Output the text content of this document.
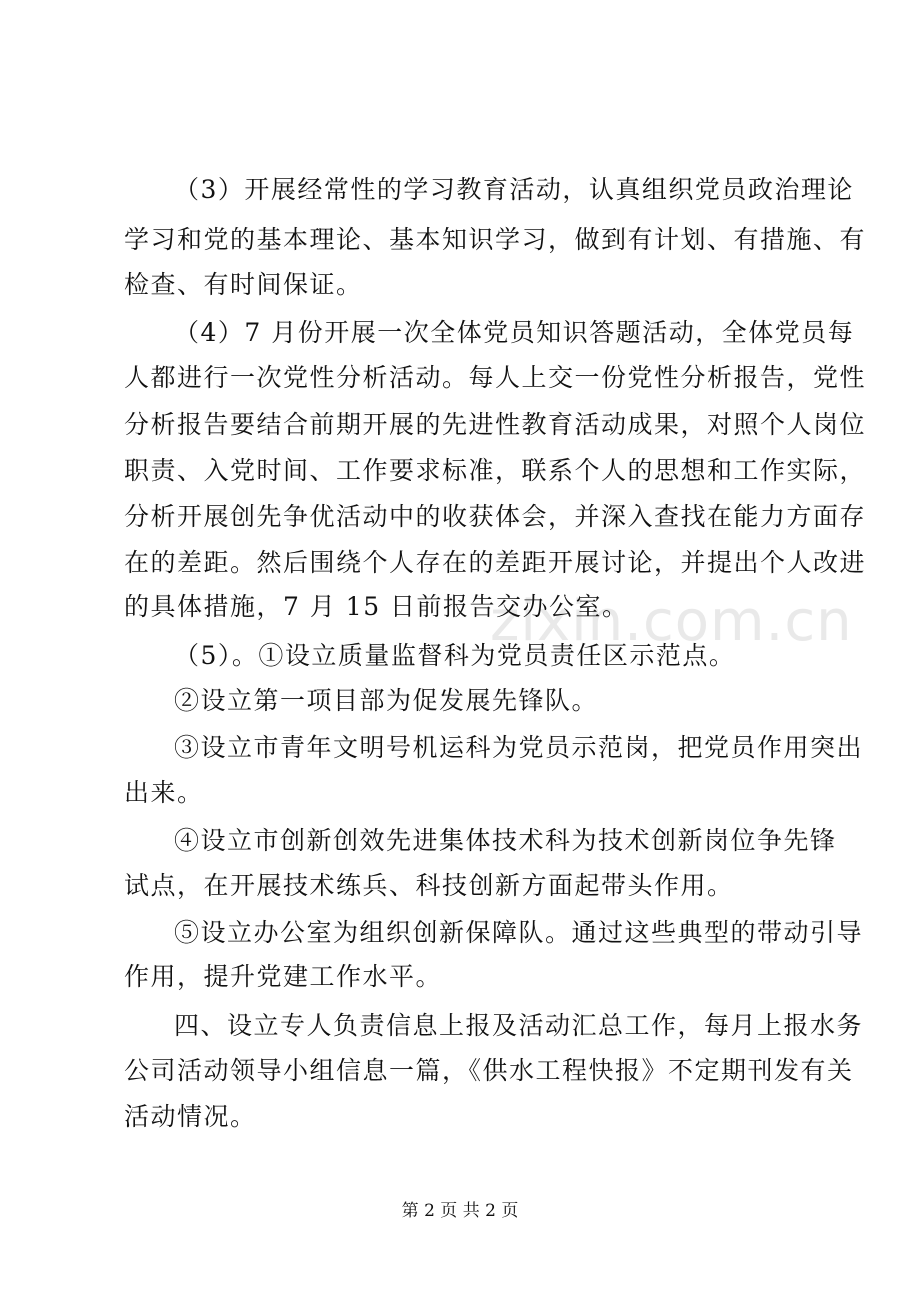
zixin.com.cn
（3）开展经常性的学习教育活动，认真组织党员政治理论
学习和党的基本理论、基本知识学习，做到有计划、有措施、有
检查、有时间保证。
（4）7 月份开展一次全体党员知识答题活动，全体党员每
人都进行一次党性分析活动。每人上交一份党性分析报告，党性
分析报告要结合前期开展的先进性教育活动成果，对照个人岗位
职责、入党时间、工作要求标准，联系个人的思想和工作实际，
分析开展创先争优活动中的收获体会，并深入查找在能力方面存
在的差距。然后围绕个人存在的差距开展讨论，并提出个人改进
的具体措施，7 月 15 日前报告交办公室。
（5）。①设立质量监督科为党员责任区示范点。
②设立第一项目部为促发展先锋队。
③设立市青年文明号机运科为党员示范岗，把党员作用突出
出来。
④设立市创新创效先进集体技术科为技术创新岗位争先锋
试点，在开展技术练兵、科技创新方面起带头作用。
⑤设立办公室为组织创新保障队。通过这些典型的带动引导
作用，提升党建工作水平。
四、设立专人负责信息上报及活动汇总工作，每月上报水务
公司活动领导小组信息一篇，《供水工程快报》不定期刊发有关
活动情况。
第 2 页 共 2 页
